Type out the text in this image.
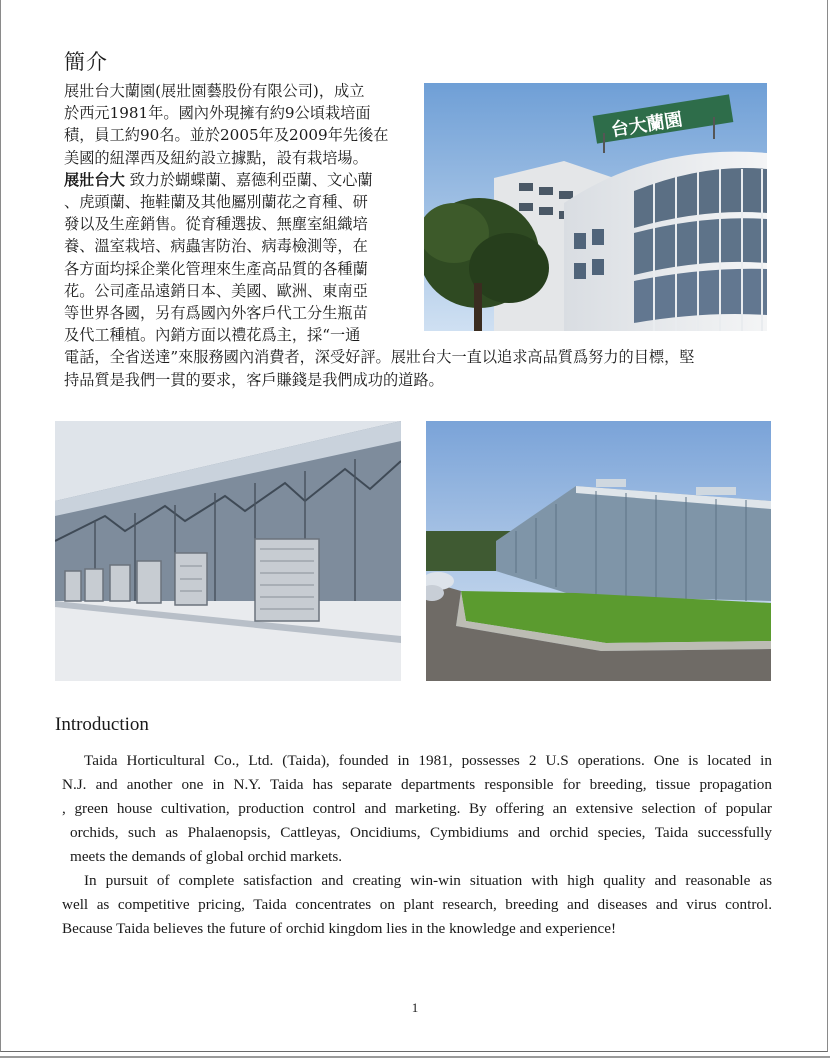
簡介
展壯台大蘭園(展壯園藝股份有限公司)，成立
於西元1981年。國內外現擁有約9公頃栽培面
積，員工約90名。並於2005年及2009年先後在
美國的紐澤西及紐約設立據點，設有栽培場。
展壯台大 致力於蝴蝶蘭、嘉德利亞蘭、文心蘭
、虎頭蘭、拖鞋蘭及其他屬別蘭花之育種、研
發以及生産銷售。從育種選拔、無塵室組織培
養、溫室栽培、病蟲害防治、病毒檢測等，在
各方面均採企業化管理來生產高品質的各種蘭
花。公司產品遠銷日本、美國、歐洲、東南亞
等世界各國，另有爲國內外客戶代工分生瓶苗
及代工種植。內銷方面以禮花爲主，採“一通
電話，全省送達”來服務國內消費者，深受好評。展壯台大一直以追求高品質爲努力的目標，堅
持品質是我們一貫的要求，客戶賺錢是我們成功的道路。
台大蘭園
Introduction
Taida Horticultural Co., Ltd. (Taida), founded in 1981, possesses 2 U.S operations. One is located in
N.J. and another one in N.Y. Taida has separate departments responsible for breeding, tissue propagation
, green house cultivation, production control and marketing. By offering an extensive selection of popular
orchids, such as Phalaenopsis, Cattleyas, Oncidiums, Cymbidiums and orchid species, Taida successfully
meets the demands of global orchid markets.
In pursuit of complete satisfaction and creating win-win situation with high quality and reasonable as
well as competitive pricing, Taida concentrates on plant research, breeding and diseases and virus control.
Because Taida believes the future of orchid kingdom lies in the knowledge and experience!
1
